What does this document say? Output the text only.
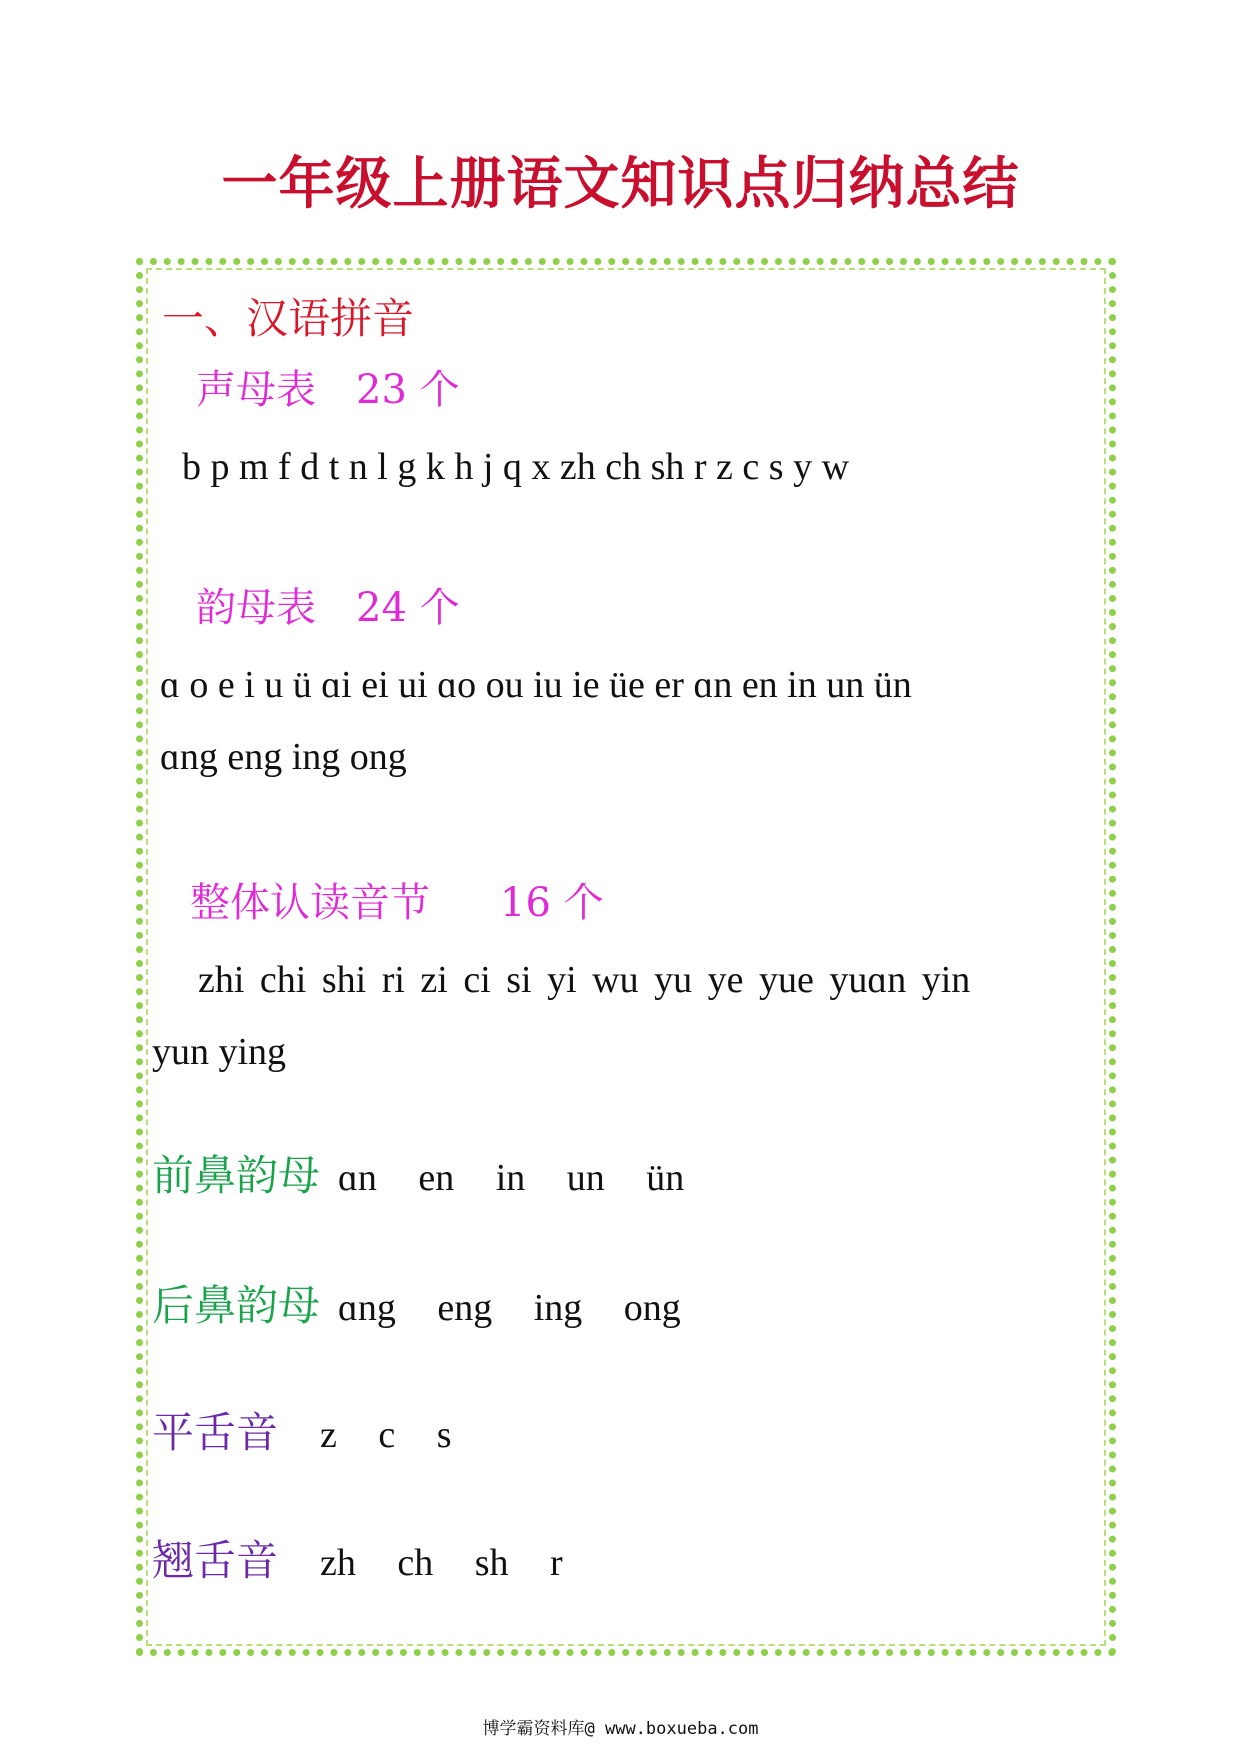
一年级上册语文知识点归纳总结
一、汉语拼音
声母表 23 个
b p m f d t n l g k h j q x zh ch sh r z c s y w
韵母表 24 个
ɑ o e i u ü ɑi ei ui ɑo ou iu ie üe er ɑn en in un ün
ɑng eng ing ong
整体认读音节 16 个
zhi chi shi ri zi ci si yi wu yu ye yue yuɑn yin
yun ying
前鼻韵母 ɑn en in un ün
后鼻韵母 ɑng eng ing ong
平舌音 z c s
翘舌音 zh ch sh r
博学霸资料库@ www.boxueba.com
